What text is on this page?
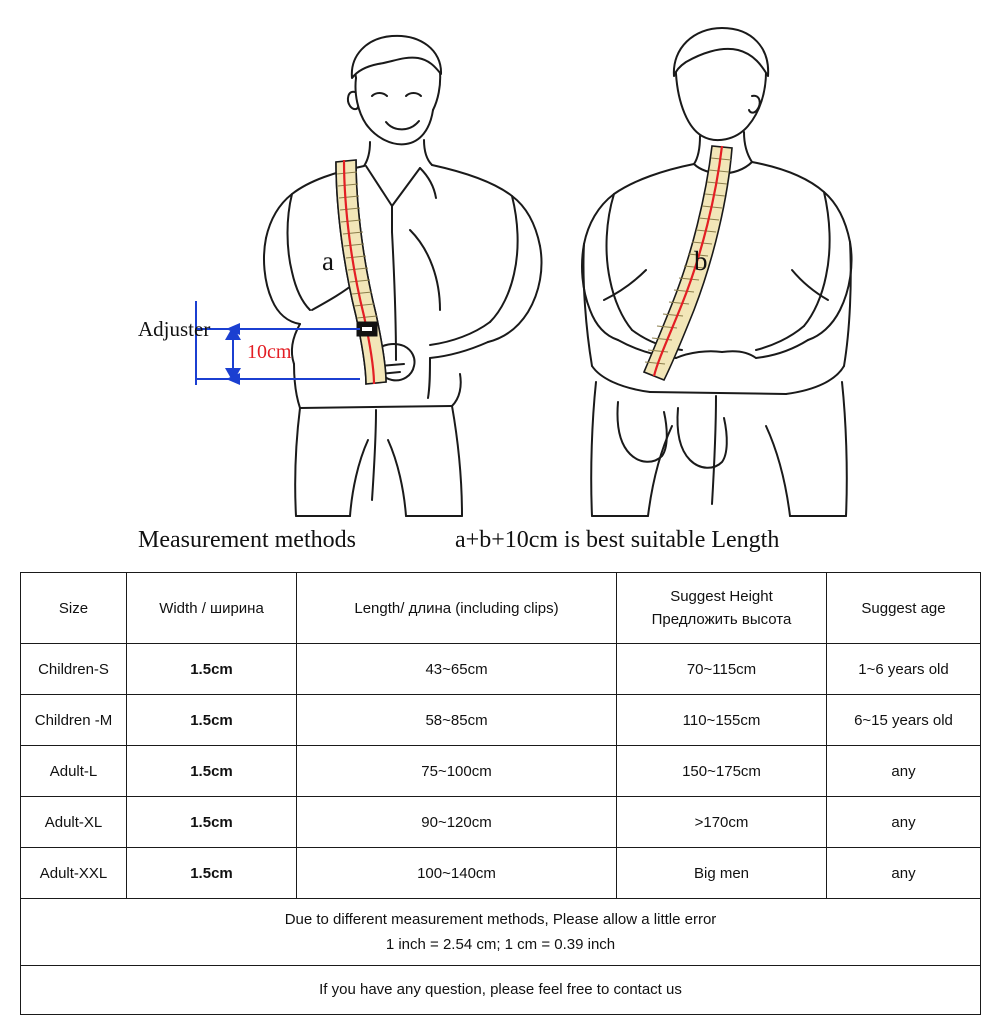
a	b
Adjuster
10cm
Measurement methods	a+b+10cm is best suitable Length
Size	Width / ширина	Length/ длина (including clips)	Suggest Height
Предложить высота	Suggest age
Children-S	1.5cm	43~65cm	70~115cm	1~6 years old
Children -M	1.5cm	58~85cm	110~155cm	6~15 years old
Adult-L	1.5cm	75~100cm	150~175cm	any
Adult-XL	1.5cm	90~120cm	>170cm	any
Adult-XXL	1.5cm	100~140cm	Big men	any

Due to different measurement methods, Please allow a little error
1 inch = 2.54 cm; 1 cm = 0.39 inch				

If you have any question, please feel free to contact us				
